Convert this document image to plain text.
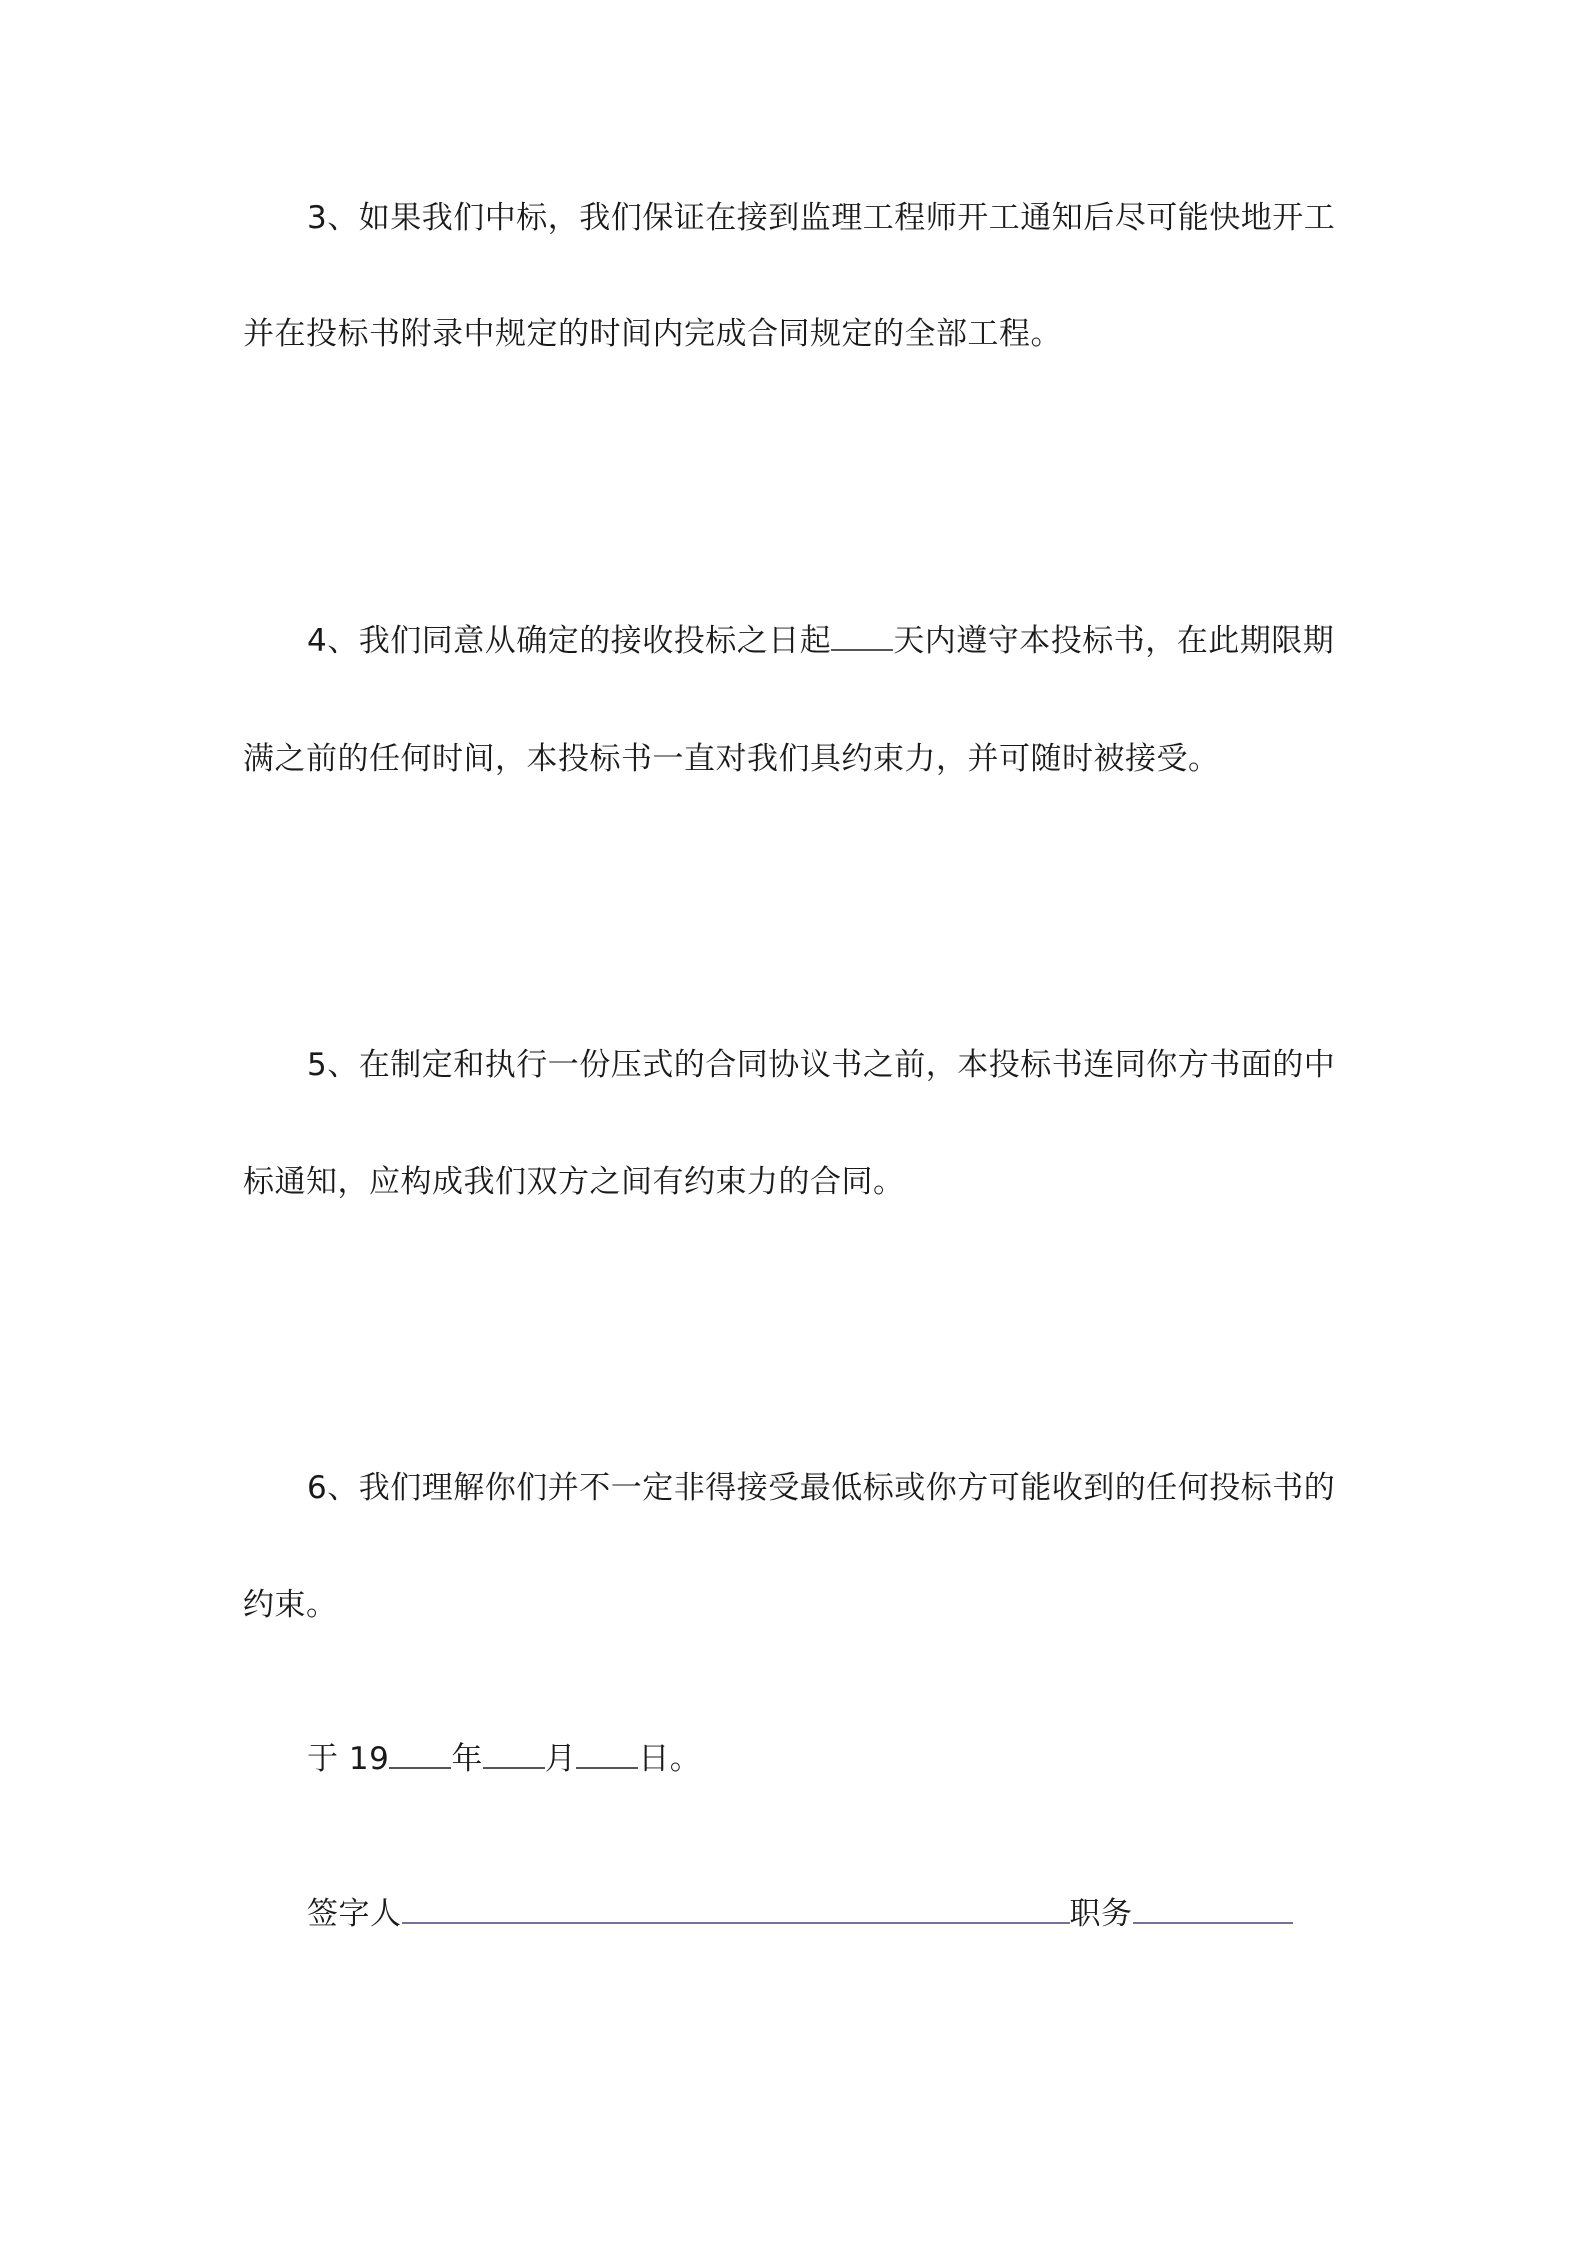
3、如果我们中标，我们保证在接到监理工程师开工通知后尽可能快地开工
并在投标书附录中规定的时间内完成合同规定的全部工程。
4、我们同意从确定的接收投标之日起 天内遵守本投标书，在此期限期
满之前的任何时间，本投标书一直对我们具约束力，并可随时被接受。
5、在制定和执行一份压式的合同协议书之前，本投标书连同你方书面的中
标通知，应构成我们双方之间有约束力的合同。
6、我们理解你们并不一定非得接受最低标或你方可能收到的任何投标书的
约束。
于 19 年 月 日。
签字人	职务
